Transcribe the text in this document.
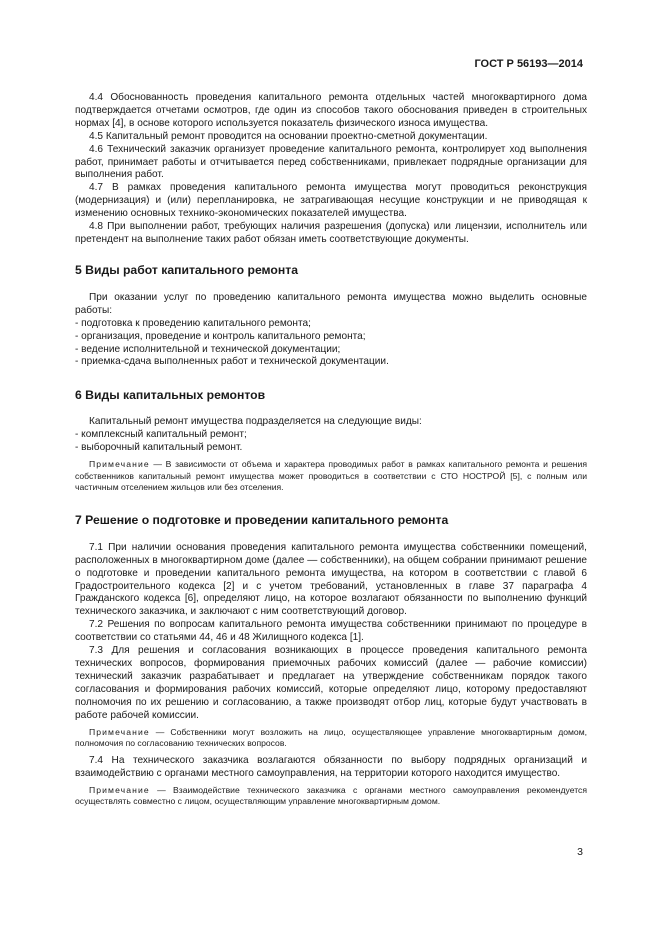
ГОСТ Р 56193—2014

4.4 Обоснованность проведения капитального ремонта отдельных частей многоквартирного дома подтверждается отчетами осмотров, где один из способов такого обоснования приведен в строительных нормах [4], в основе которого используется показатель физического износа имущества.

4.5 Капитальный ремонт проводится на основании проектно-сметной документации.

4.6 Технический заказчик организует проведение капитального ремонта, контролирует ход выполнения работ, принимает работы и отчитывается перед собственниками, привлекает подрядные организации для выполнения работ.

4.7 В рамках проведения капитального ремонта имущества могут проводиться реконструкция (модернизация) и (или) перепланировка, не затрагивающая несущие конструкции и не приводящая к изменению основных технико-экономических показателей имущества.

4.8 При выполнении работ, требующих наличия разрешения (допуска) или лицензии, исполнитель или претендент на выполнение таких работ обязан иметь соответствующие документы.

5 Виды работ капитального ремонта

При оказании услуг по проведению капитального ремонта имущества можно выделить основные работы:

- подготовка к проведению капитального ремонта;

- организация, проведение и контроль капитального ремонта;

- ведение исполнительной и технической документации;

- приемка-сдача выполненных работ и технической документации.

6 Виды капитальных ремонтов

Капитальный ремонт имущества подразделяется на следующие виды:

- комплексный капитальный ремонт;

- выборочный капитальный ремонт.

Примечание — В зависимости от объема и характера проводимых работ в рамках капитального ремонта и решения собственников капитальный ремонт имущества может проводиться в соответствии с СТО НОСТРОЙ [5], с полным или частичным отселением жильцов или без отселения.

7 Решение о подготовке и проведении капитального ремонта

7.1 При наличии основания проведения капитального ремонта имущества собственники помещений, расположенных в многоквартирном доме (далее — собственники), на общем собрании принимают решение о подготовке и проведении капитального ремонта имущества, на котором в соответствии с главой 6 Градостроительного кодекса [2] и с учетом требований, установленных в главе 37 параграфа 4 Гражданского кодекса [6], определяют лицо, на которое возлагают обязанности по выполнению функций технического заказчика, и заключают с ним соответствующий договор.

7.2 Решения по вопросам капитального ремонта имущества собственники принимают по процедуре в соответствии со статьями 44, 46 и 48 Жилищного кодекса [1].

7.3 Для решения и согласования возникающих в процессе проведения капитального ремонта технических вопросов, формирования приемочных рабочих комиссий (далее — рабочие комиссии) технический заказчик разрабатывает и предлагает на утверждение собственникам порядок такого согласования и формирования рабочих комиссий, которые определяют лицо, которому предоставляют полномочия по их решению и согласованию, а также производят отбор лиц, которые будут участвовать в работе рабочей комиссии.

Примечание — Собственники могут возложить на лицо, осуществляющее управление многоквартирным домом, полномочия по согласованию технических вопросов.

7.4 На технического заказчика возлагаются обязанности по выбору подрядных организаций и взаимодействию с органами местного самоуправления, на территории которого находится имущество.

Примечание — Взаимодействие технического заказчика с органами местного самоуправления рекомендуется осуществлять совместно с лицом, осуществляющим управление многоквартирным домом.

3
